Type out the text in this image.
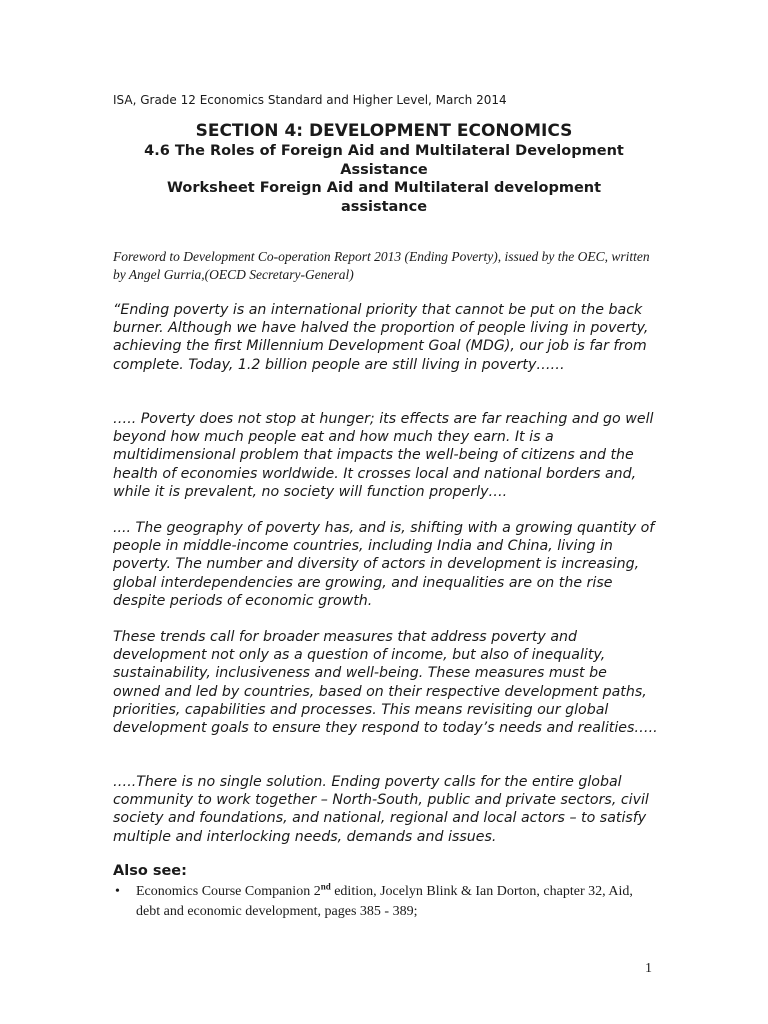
ISA, Grade 12 Economics Standard and Higher Level, March 2014
SECTION 4: DEVELOPMENT ECONOMICS
4.6 The Roles of Foreign Aid and Multilateral Development
Assistance
Worksheet Foreign Aid and Multilateral development
assistance
Foreword to Development Co-operation Report 2013 (Ending Poverty), issued by the OEC, written by Angel Gurria,(OECD Secretary-General)
“Ending poverty is an international priority that cannot be put on the back burner. Although we have halved the proportion of people living in poverty, achieving the first Millennium Development Goal (MDG), our job is far from complete. Today, 1.2 billion people are still living in poverty……
….. Poverty does not stop at hunger; its effects are far reaching and go well beyond how much people eat and how much they earn. It is a multidimensional problem that impacts the well-being of citizens and the health of economies worldwide. It crosses local and national borders and, while it is prevalent, no society will function properly….
.... The geography of poverty has, and is, shifting with a growing quantity of people in middle-income countries, including India and China, living in poverty. The number and diversity of actors in development is increasing, global interdependencies are growing, and inequalities are on the rise despite periods of economic growth.
These trends call for broader measures that address poverty and development not only as a question of income, but also of inequality, sustainability, inclusiveness and well-being. These measures must be owned and led by countries, based on their respective development paths, priorities, capabilities and processes. This means revisiting our global development goals to ensure they respond to today’s needs and realities…..
…..There is no single solution. Ending poverty calls for the entire global community to work together – North-South, public and private sectors, civil society and foundations, and national, regional and local actors – to satisfy multiple and interlocking needs, demands and issues.
Also see:
• Economics Course Companion 2nd edition, Jocelyn Blink & Ian Dorton, chapter 32, Aid, debt and economic development, pages 385 - 389;
1
